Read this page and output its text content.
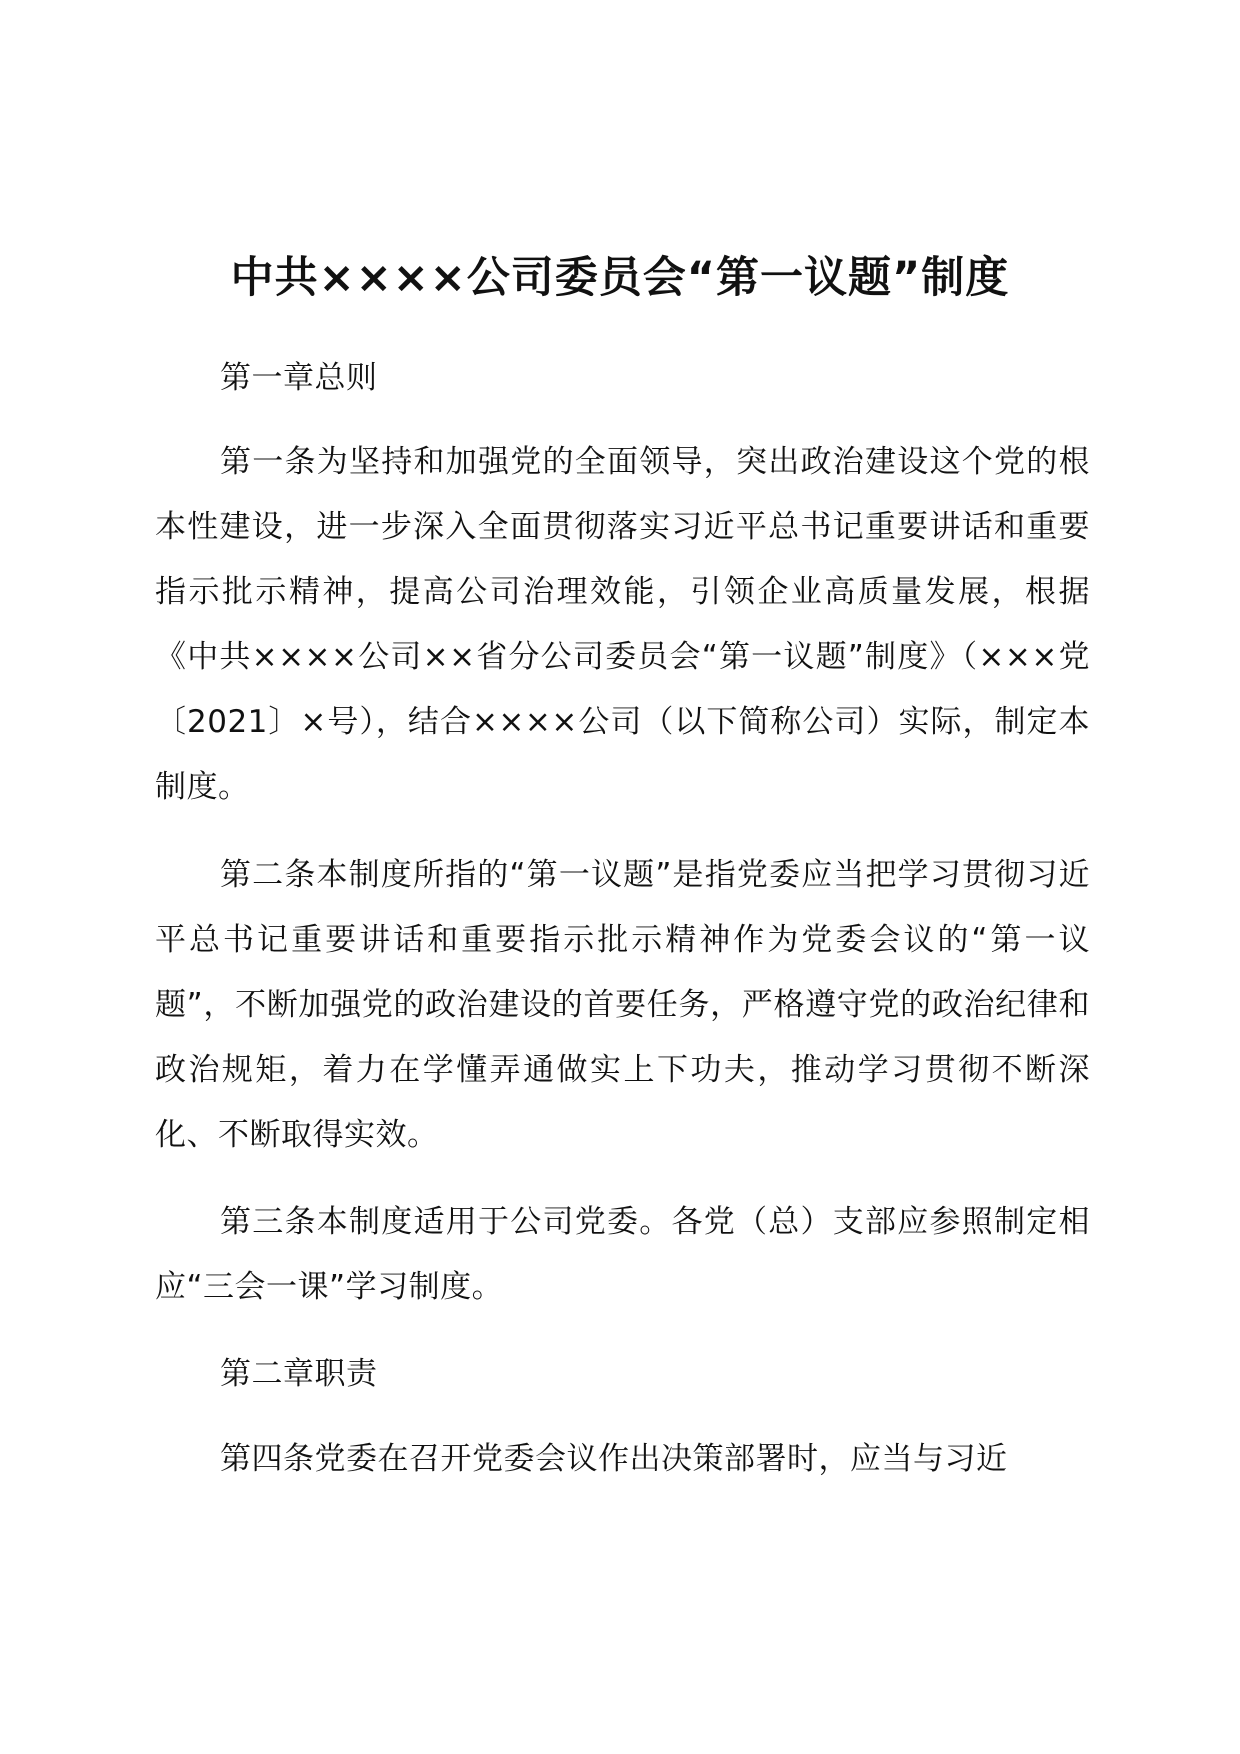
中共××××公司委员会“第一议题”制度

第一章总则

第一条为坚持和加强党的全面领导，突出政治建设这个党的根本性建设，进一步深入全面贯彻落实习近平总书记重要讲话和重要指示批示精神，提高公司治理效能，引领企业高质量发展，根据《中共××××公司××省分公司委员会“第一议题”制度》（×××党〔2021〕×号），结合××××公司（以下简称公司）实际，制定本制度。

第二条本制度所指的“第一议题”是指党委应当把学习贯彻习近平总书记重要讲话和重要指示批示精神作为党委会议的“第一议题”，不断加强党的政治建设的首要任务，严格遵守党的政治纪律和政治规矩，着力在学懂弄通做实上下功夫，推动学习贯彻不断深化、不断取得实效。

第三条本制度适用于公司党委。各党（总）支部应参照制定相应“三会一课”学习制度。

第二章职责

第四条党委在召开党委会议作出决策部署时，应当与习近
